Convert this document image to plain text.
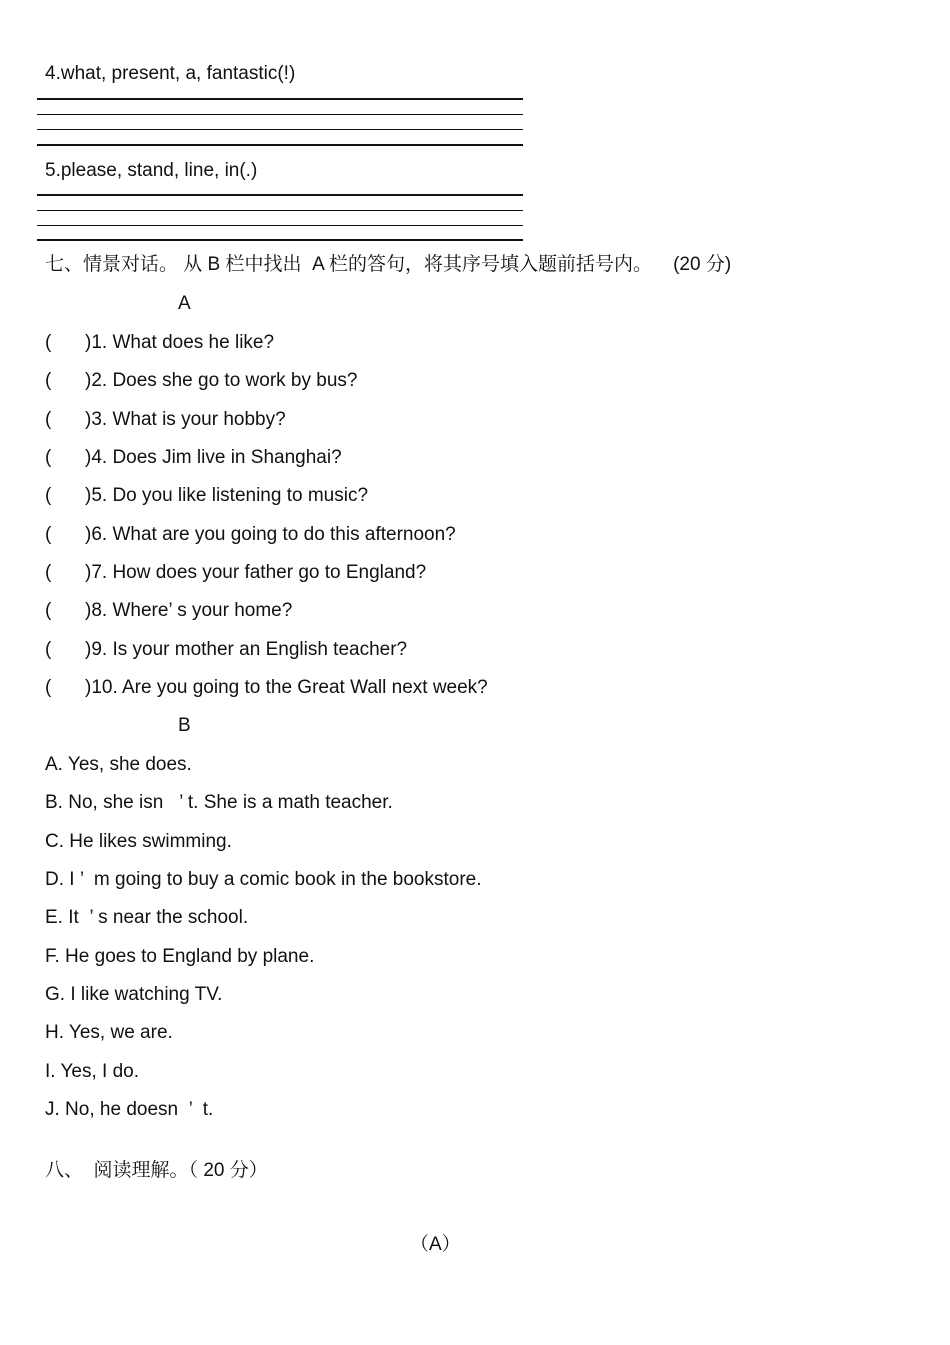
4.what, present, a, fantastic(!)
5.please, stand, line, in(.)
七、情景对话。 从 B 栏中找出  A 栏的答句，将其序号填入题前括号内。    (20 分)
A
( )1. What does he like?
( )2. Does she go to work by bus?
( )3. What is your hobby?
( )4. Does Jim live in Shanghai?
( )5. Do you like listening to music?
( )6. What are you going to do this afternoon?
( )7. How does your father go to England?
( )8. Where’ s your home?
( )9. Is your mother an English teacher?
( )10. Are you going to the Great Wall next week?
B
A. Yes, she does.
B. No, she isn   ’ t. She is a math teacher.
C. He likes swimming.
D. I ’  m going to buy a comic book in the bookstore.
E. It  ’ s near the school.
F. He goes to England by plane.
G. I like watching TV.
H. Yes, we are.
I. Yes, I do.
J. No, he doesn  ’  t.
八、  阅读理解。（ 20 分）
（A）
